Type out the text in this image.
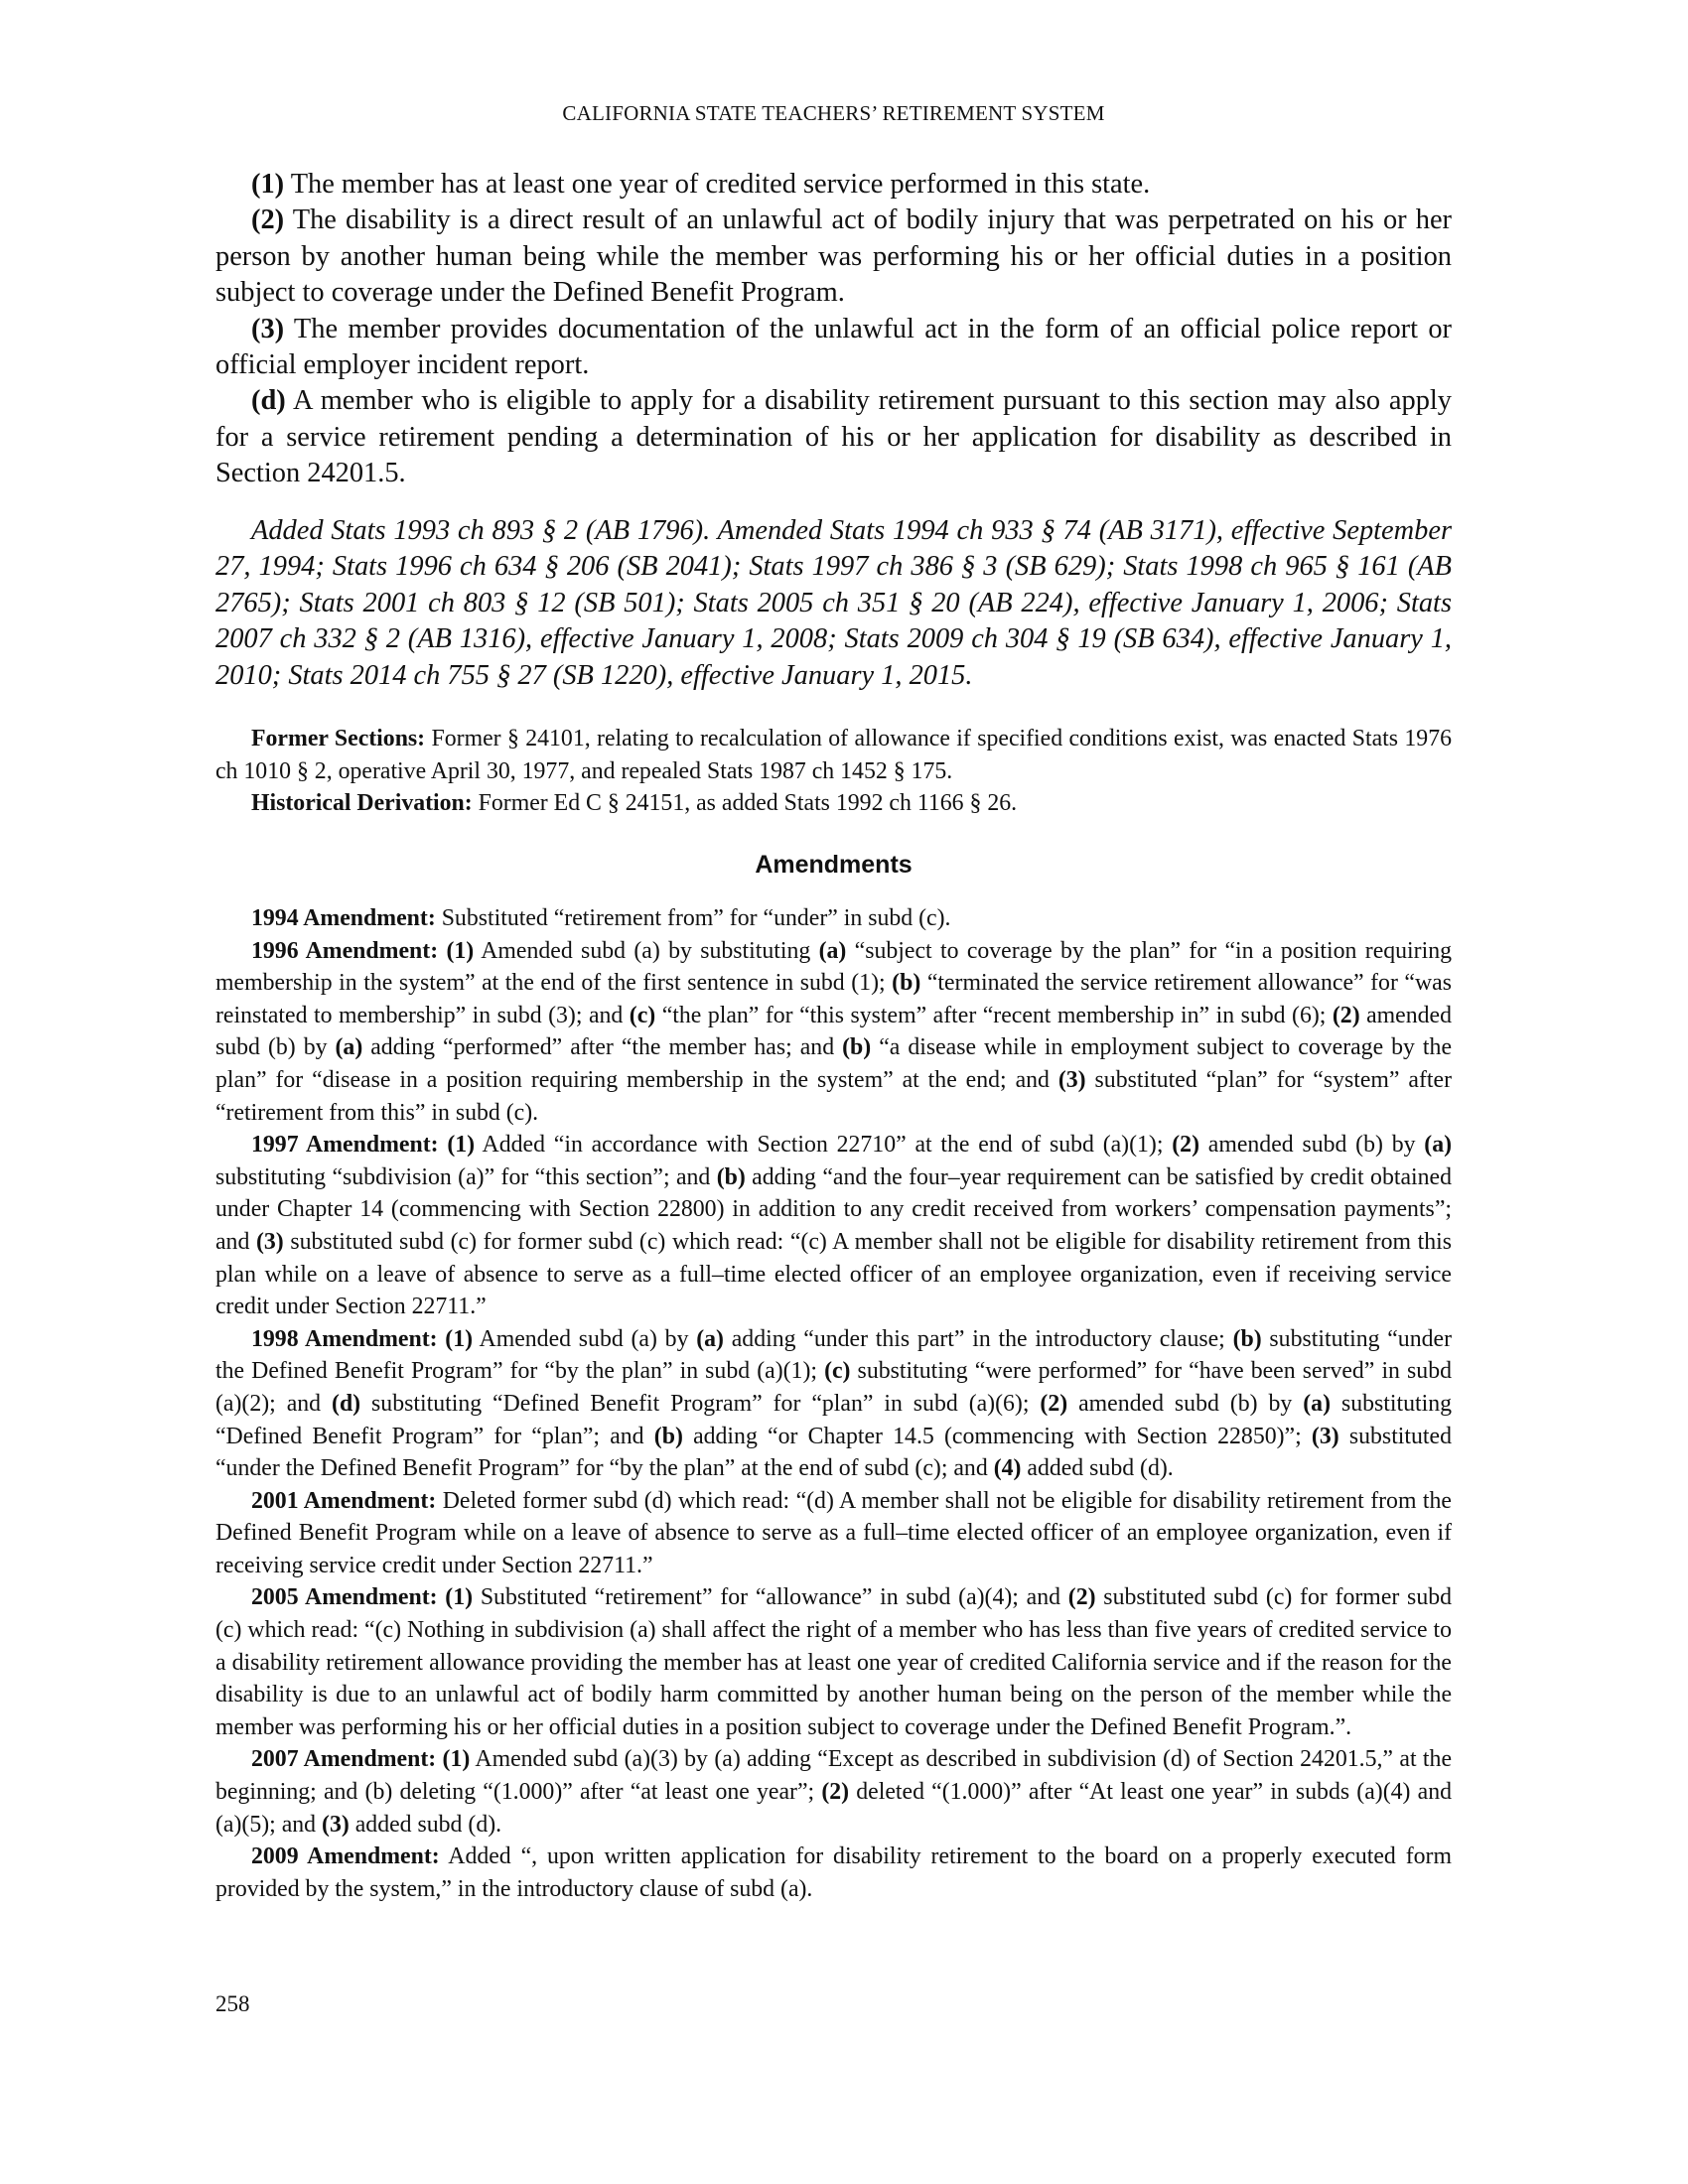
CALIFORNIA STATE TEACHERS’ RETIREMENT SYSTEM

(1) The member has at least one year of credited service performed in this state.

(2) The disability is a direct result of an unlawful act of bodily injury that was perpetrated on his or her person by another human being while the member was performing his or her official duties in a position subject to coverage under the Defined Benefit Program.

(3) The member provides documentation of the unlawful act in the form of an official police report or official employer incident report.

(d) A member who is eligible to apply for a disability retirement pursuant to this section may also apply for a service retirement pending a determination of his or her application for disability as described in Section 24201.5.

Added Stats 1993 ch 893 § 2 (AB 1796). Amended Stats 1994 ch 933 § 74 (AB 3171), effective September 27, 1994; Stats 1996 ch 634 § 206 (SB 2041); Stats 1997 ch 386 § 3 (SB 629); Stats 1998 ch 965 § 161 (AB 2765); Stats 2001 ch 803 § 12 (SB 501); Stats 2005 ch 351 § 20 (AB 224), effective January 1, 2006; Stats 2007 ch 332 § 2 (AB 1316), effective January 1, 2008; Stats 2009 ch 304 § 19 (SB 634), effective January 1, 2010; Stats 2014 ch 755 § 27 (SB 1220), effective January 1, 2015.

Former Sections: Former § 24101, relating to recalculation of allowance if specified conditions exist, was enacted Stats 1976 ch 1010 § 2, operative April 30, 1977, and repealed Stats 1987 ch 1452 § 175.

Historical Derivation: Former Ed C § 24151, as added Stats 1992 ch 1166 § 26.

Amendments

1994 Amendment: Substituted “retirement from” for “under” in subd (c).

1996 Amendment: (1) Amended subd (a) by substituting (a) “subject to coverage by the plan” for “in a position requiring membership in the system” at the end of the first sentence in subd (1); (b) “terminated the service retirement allowance” for “was reinstated to membership” in subd (3); and (c) “the plan” for “this system” after “recent membership in” in subd (6); (2) amended subd (b) by (a) adding “performed” after “the member has; and (b) “a disease while in employment subject to coverage by the plan” for “disease in a position requiring membership in the system” at the end; and (3) substituted “plan” for “system” after “retirement from this” in subd (c).

1997 Amendment: (1) Added “in accordance with Section 22710” at the end of subd (a)(1); (2) amended subd (b) by (a) substituting “subdivision (a)” for “this section”; and (b) adding “and the four–year requirement can be satisfied by credit obtained under Chapter 14 (commencing with Section 22800) in addition to any credit received from workers’ compensation payments”; and (3) substituted subd (c) for former subd (c) which read: “(c) A member shall not be eligible for disability retirement from this plan while on a leave of absence to serve as a full–time elected officer of an employee organization, even if receiving service credit under Section 22711.”

1998 Amendment: (1) Amended subd (a) by (a) adding “under this part” in the introductory clause; (b) substituting “under the Defined Benefit Program” for “by the plan” in subd (a)(1); (c) substituting “were performed” for “have been served” in subd (a)(2); and (d) substituting “Defined Benefit Program” for “plan” in subd (a)(6); (2) amended subd (b) by (a) substituting “Defined Benefit Program” for “plan”; and (b) adding “or Chapter 14.5 (commencing with Section 22850)”; (3) substituted “under the Defined Benefit Program” for “by the plan” at the end of subd (c); and (4) added subd (d).

2001 Amendment: Deleted former subd (d) which read: “(d) A member shall not be eligible for disability retirement from the Defined Benefit Program while on a leave of absence to serve as a full–time elected officer of an employee organization, even if receiving service credit under Section 22711.”

2005 Amendment: (1) Substituted “retirement” for “allowance” in subd (a)(4); and (2) substituted subd (c) for former subd (c) which read: “(c) Nothing in subdivision (a) shall affect the right of a member who has less than five years of credited service to a disability retirement allowance providing the member has at least one year of credited California service and if the reason for the disability is due to an unlawful act of bodily harm committed by another human being on the person of the member while the member was performing his or her official duties in a position subject to coverage under the Defined Benefit Program.”.

2007 Amendment: (1) Amended subd (a)(3) by (a) adding “Except as described in subdivision (d) of Section 24201.5,” at the beginning; and (b) deleting “(1.000)” after “at least one year”; (2) deleted “(1.000)” after “At least one year” in subds (a)(4) and (a)(5); and (3) added subd (d).

2009 Amendment: Added “, upon written application for disability retirement to the board on a properly executed form provided by the system,” in the introductory clause of subd (a).

258
